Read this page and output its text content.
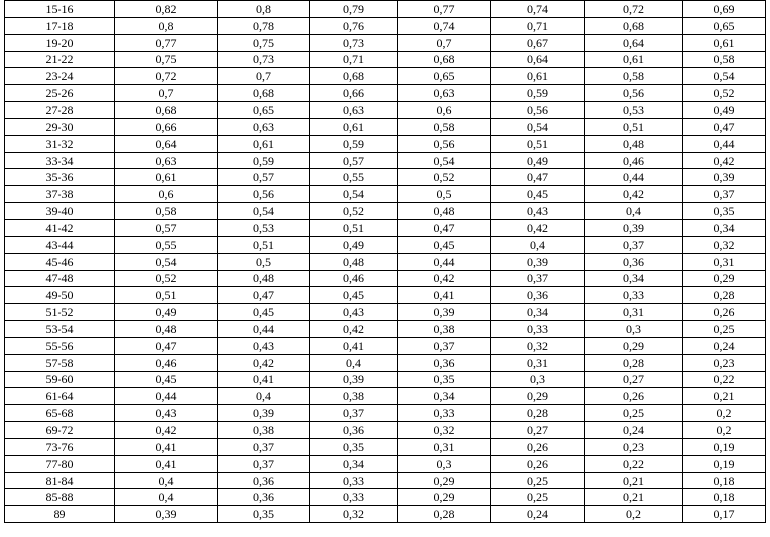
15-16	0,82	0,8	0,79	0,77	0,74	0,72	0,69
17-18	0,8	0,78	0,76	0,74	0,71	0,68	0,65
19-20	0,77	0,75	0,73	0,7	0,67	0,64	0,61
21-22	0,75	0,73	0,71	0,68	0,64	0,61	0,58
23-24	0,72	0,7	0,68	0,65	0,61	0,58	0,54
25-26	0,7	0,68	0,66	0,63	0,59	0,56	0,52
27-28	0,68	0,65	0,63	0,6	0,56	0,53	0,49
29-30	0,66	0,63	0,61	0,58	0,54	0,51	0,47
31-32	0,64	0,61	0,59	0,56	0,51	0,48	0,44
33-34	0,63	0,59	0,57	0,54	0,49	0,46	0,42
35-36	0,61	0,57	0,55	0,52	0,47	0,44	0,39
37-38	0,6	0,56	0,54	0,5	0,45	0,42	0,37
39-40	0,58	0,54	0,52	0,48	0,43	0,4	0,35
41-42	0,57	0,53	0,51	0,47	0,42	0,39	0,34
43-44	0,55	0,51	0,49	0,45	0,4	0,37	0,32
45-46	0,54	0,5	0,48	0,44	0,39	0,36	0,31
47-48	0,52	0,48	0,46	0,42	0,37	0,34	0,29
49-50	0,51	0,47	0,45	0,41	0,36	0,33	0,28
51-52	0,49	0,45	0,43	0,39	0,34	0,31	0,26
53-54	0,48	0,44	0,42	0,38	0,33	0,3	0,25
55-56	0,47	0,43	0,41	0,37	0,32	0,29	0,24
57-58	0,46	0,42	0,4	0,36	0,31	0,28	0,23
59-60	0,45	0,41	0,39	0,35	0,3	0,27	0,22
61-64	0,44	0,4	0,38	0,34	0,29	0,26	0,21
65-68	0,43	0,39	0,37	0,33	0,28	0,25	0,2
69-72	0,42	0,38	0,36	0,32	0,27	0,24	0,2
73-76	0,41	0,37	0,35	0,31	0,26	0,23	0,19
77-80	0,41	0,37	0,34	0,3	0,26	0,22	0,19
81-84	0,4	0,36	0,33	0,29	0,25	0,21	0,18
85-88	0,4	0,36	0,33	0,29	0,25	0,21	0,18
89	0,39	0,35	0,32	0,28	0,24	0,2	0,17
